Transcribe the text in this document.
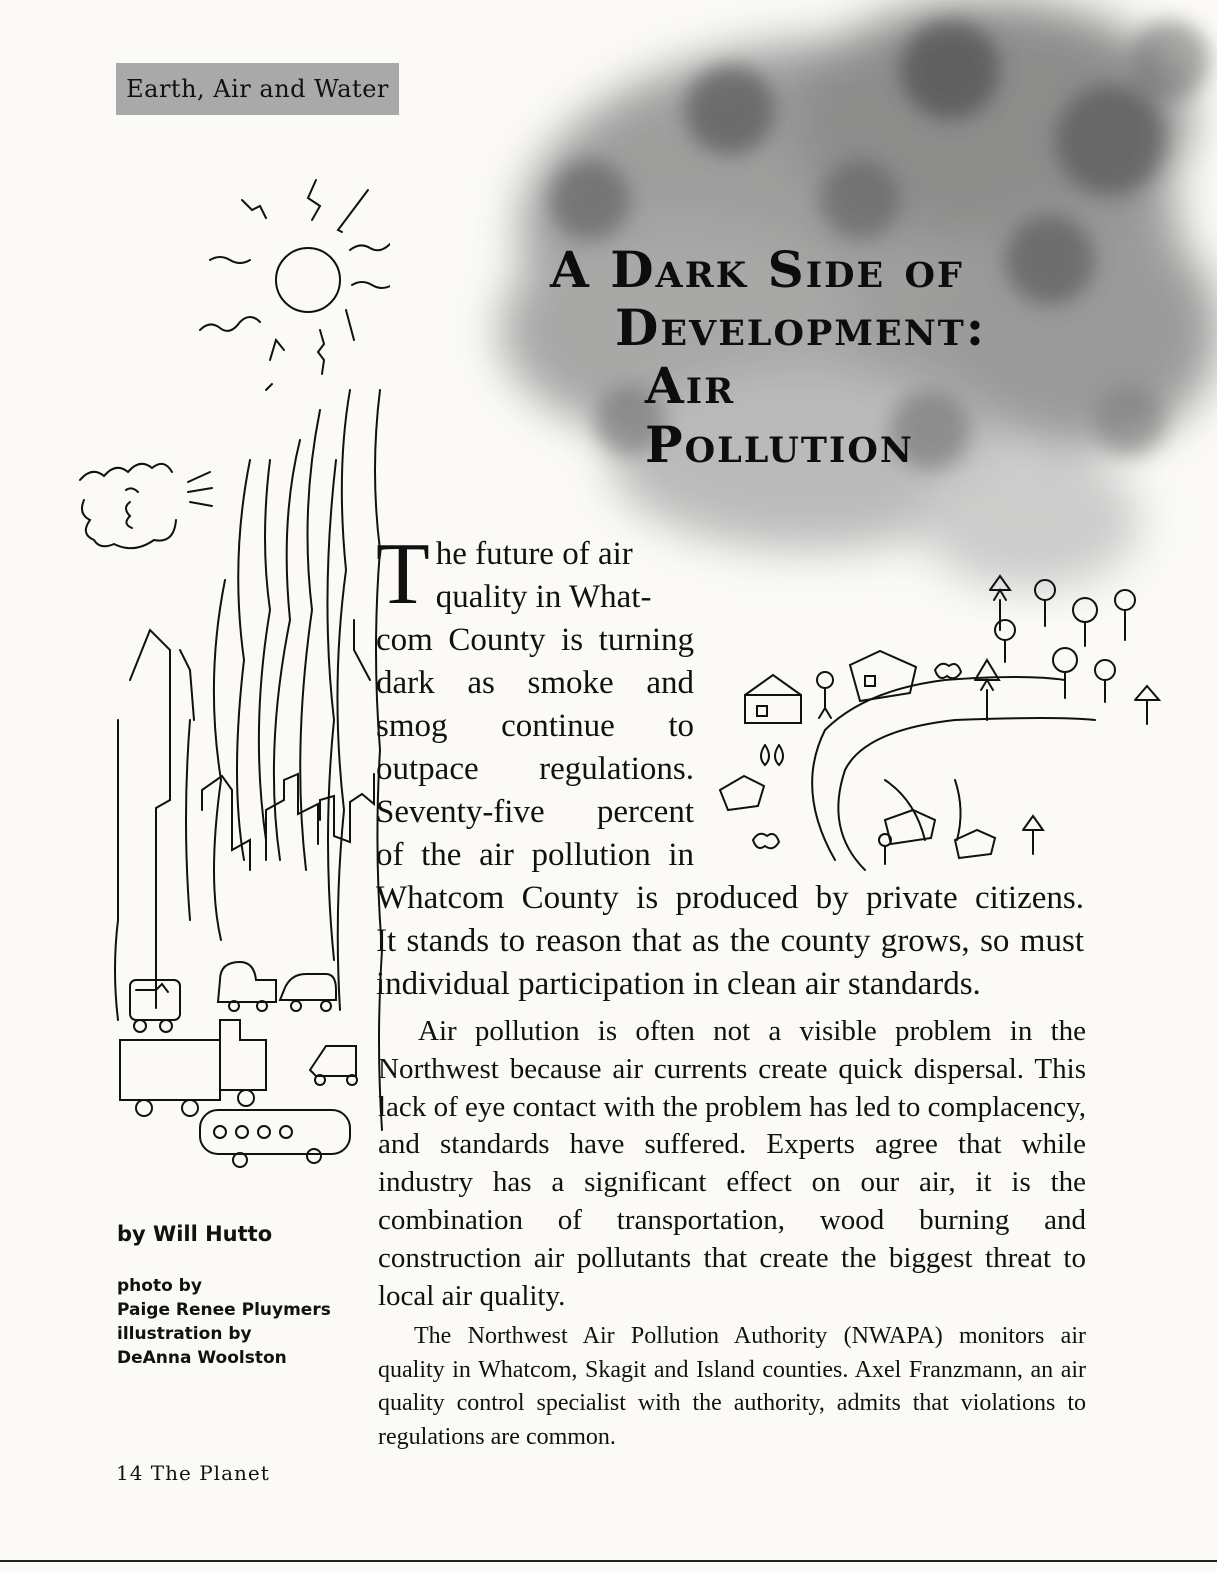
Earth, Air and Water
A Dark Side of
Development:
Air Pollution
T he future of air
quality in What-
com County is turning
dark as smoke and
smog continue to
outpace regulations.
Seventy-five percent
of the air pollution in
Whatcom County is produced by private citizens.
It stands to reason that as the county grows, so must
individual participation in clean air standards.
Air pollution is often not a visible problem in the Northwest because air currents create quick dispersal. This lack of eye contact with the problem has led to complacency, and standards have suffered. Experts agree that while industry has a significant effect on our air, it is the combination of transportation, wood burning and construction air pollutants that create the biggest threat to local air quality.
The Northwest Air Pollution Authority (NWAPA) monitors air quality in Whatcom, Skagit and Island counties. Axel Franzmann, an air quality control specialist with the authority, admits that violations to regulations are common.
by Will Hutto
photo by
Paige Renee Pluymers
illustration by
DeAnna Woolston
14 The Planet
